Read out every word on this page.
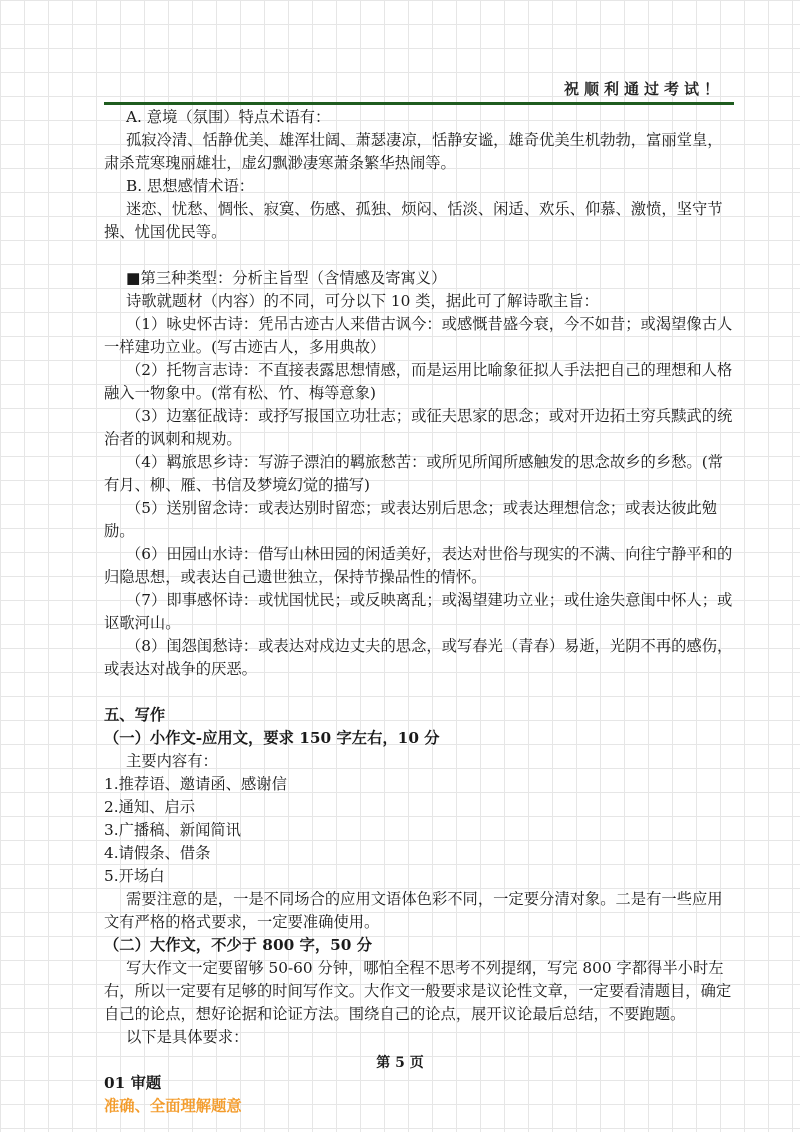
祝顺利通过考试！

A. 意境（氛围）特点术语有：

孤寂冷清、恬静优美、雄浑壮阔、萧瑟凄凉，恬静安谧，雄奇优美生机勃勃，富丽堂皇，肃杀荒寒瑰丽雄壮，虚幻飘渺凄寒萧条繁华热闹等。

B. 思想感情术语：

迷恋、忧愁、惆怅、寂寞、伤感、孤独、烦闷、恬淡、闲适、欢乐、仰慕、激愤，坚守节操、忧国优民等。

■第三种类型：分析主旨型（含情感及寄寓义）

诗歌就题材（内容）的不同，可分以下 10 类，据此可了解诗歌主旨：

（1）咏史怀古诗：凭吊古迹古人来借古讽今：或感慨昔盛今衰，今不如昔；或渴望像古人一样建功立业。(写古迹古人，多用典故）

（2）托物言志诗：不直接表露思想情感，而是运用比喻象征拟人手法把自己的理想和人格融入一物象中。(常有松、竹、梅等意象)

（3）边塞征战诗：或抒写报国立功壮志；或征夫思家的思念；或对开边拓土穷兵黩武的统治者的讽刺和规劝。

（4）羁旅思乡诗：写游子漂泊的羁旅愁苦：或所见所闻所感触发的思念故乡的乡愁。(常有月、柳、雁、书信及梦境幻觉的描写)

（5）送别留念诗：或表达别时留恋；或表达别后思念；或表达理想信念；或表达彼此勉励。

（6）田园山水诗：借写山林田园的闲适美好，表达对世俗与现实的不满、向往宁静平和的归隐思想，或表达自己遗世独立，保持节操品性的情怀。

（7）即事感怀诗：或忧国忧民；或反映离乱；或渴望建功立业；或仕途失意闺中怀人；或讴歌河山。

（8）闺怨闺愁诗：或表达对戍边丈夫的思念，或写春光（青春）易逝，光阴不再的感伤，或表达对战争的厌恶。

五、写作

（一）小作文-应用文，要求 150 字左右，10 分

主要内容有：

1.推荐语、邀请函、感谢信

2.通知、启示

3.广播稿、新闻简讯

4.请假条、借条

5.开场白

需要注意的是，一是不同场合的应用文语体色彩不同，一定要分清对象。二是有一些应用文有严格的格式要求，一定要准确使用。

（二）大作文，不少于 800 字，50 分

写大作文一定要留够 50-60 分钟，哪怕全程不思考不列提纲，写完 800 字都得半小时左右，所以一定要有足够的时间写作文。大作文一般要求是议论性文章，一定要看清题目，确定自己的论点，想好论据和论证方法。围绕自己的论点，展开议论最后总结，不要跑题。

以下是具体要求：

01 审题

准确、全面理解题意

第 5 页
